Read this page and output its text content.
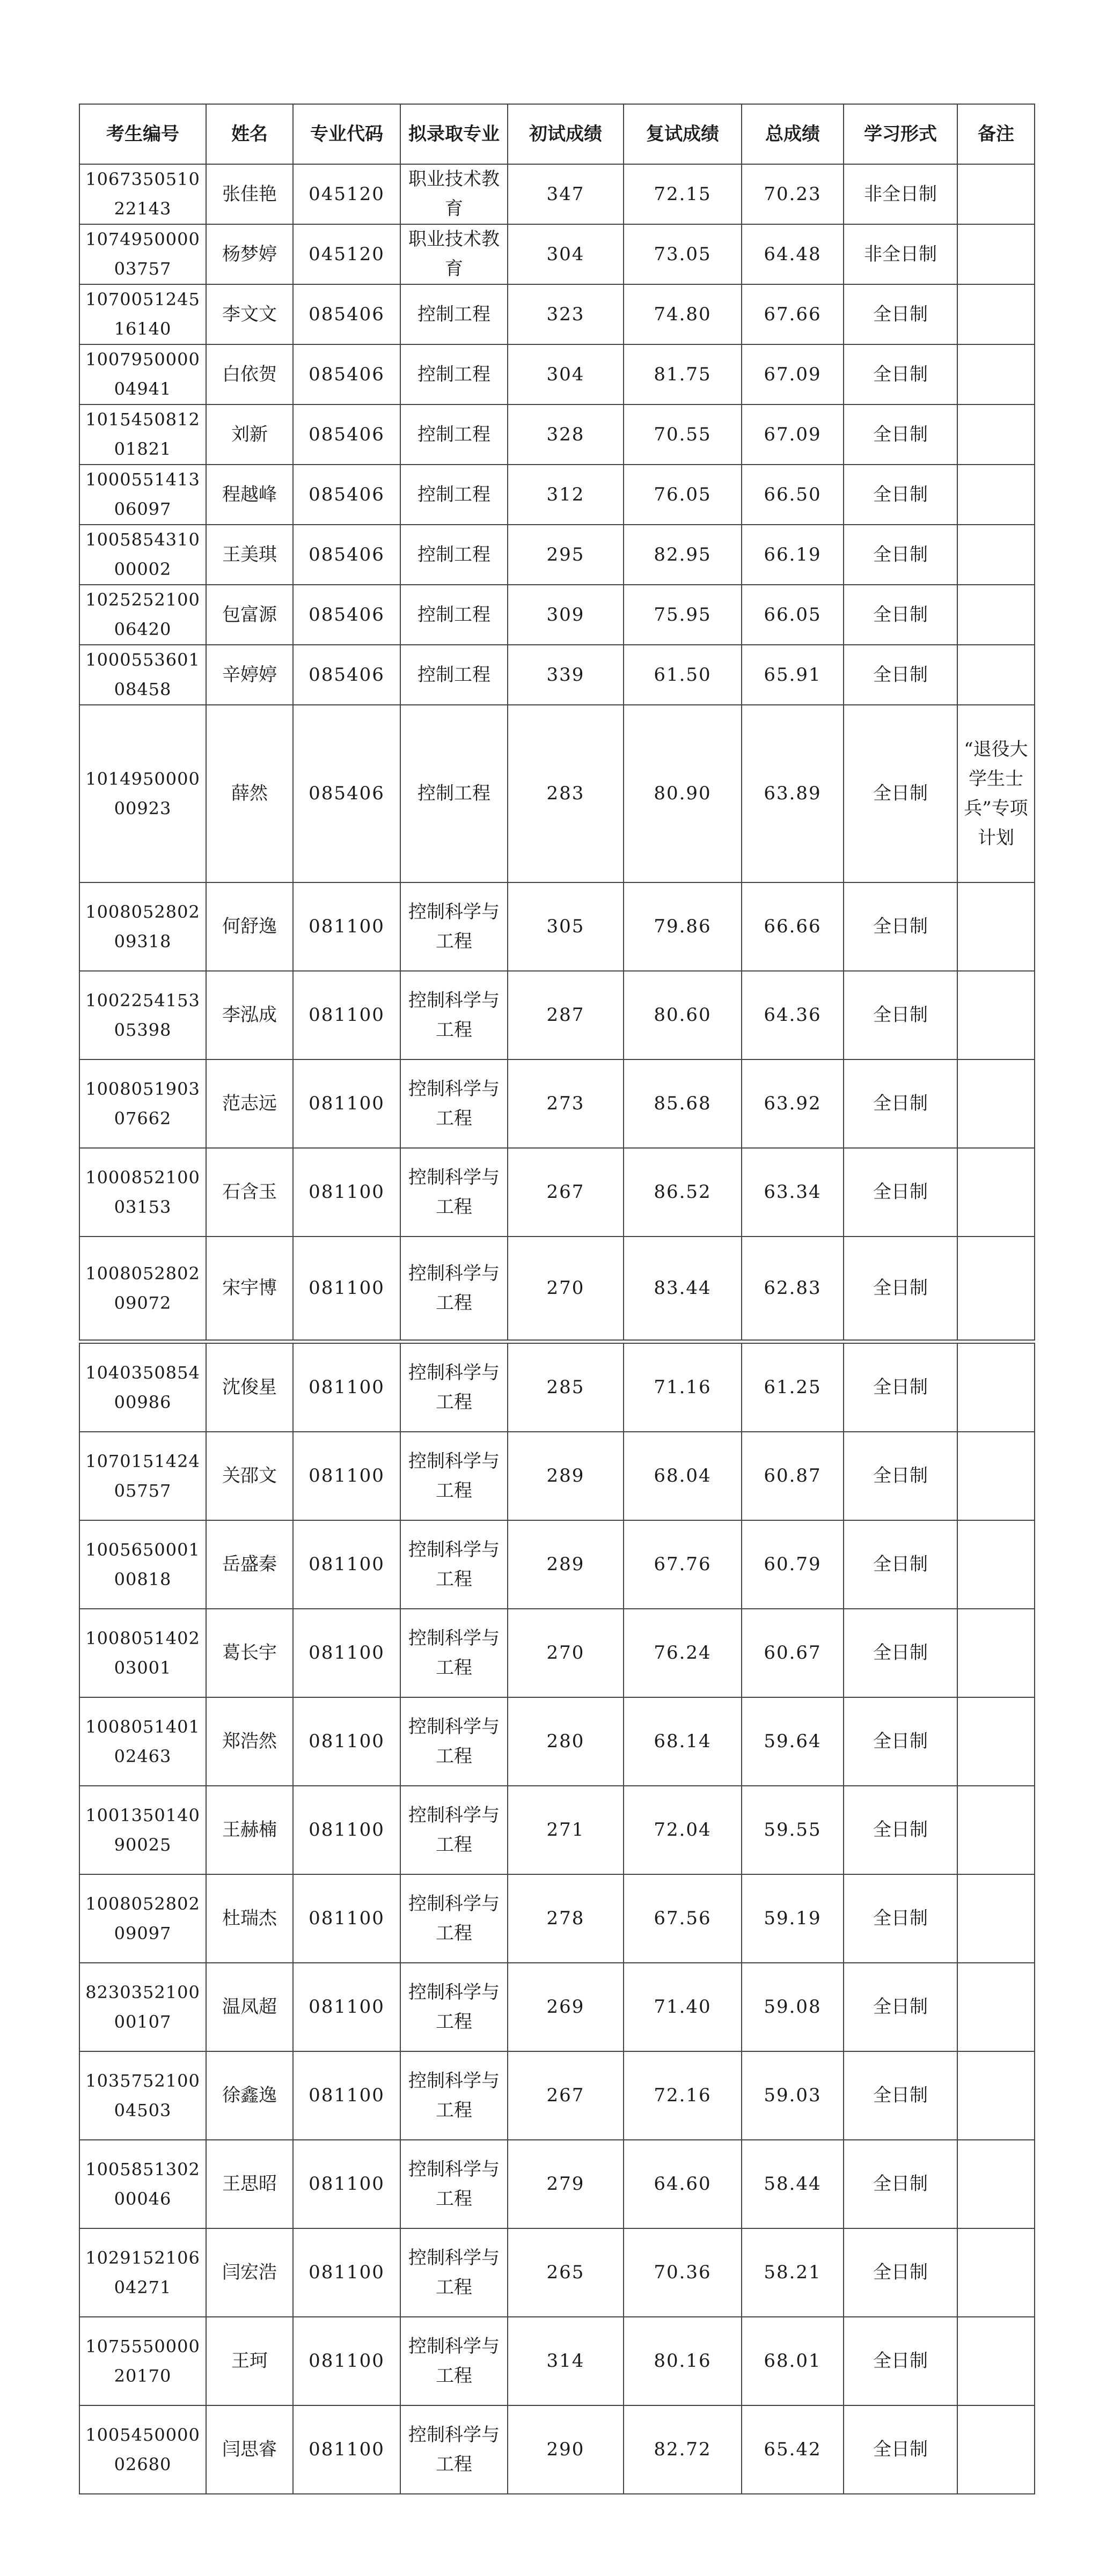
考生编号	姓名	专业代码	拟录取专业	初试成绩	复试成绩	总成绩	学习形式	备注
106735051022143	张佳艳	045120	职业技术教育	347	72.15	70.23	非全日制	
107495000003757	杨梦婷	045120	职业技术教育	304	73.05	64.48	非全日制	
107005124516140	李文文	085406	控制工程	323	74.80	67.66	全日制	
100795000004941	白依贺	085406	控制工程	304	81.75	67.09	全日制	
101545081201821	刘新	085406	控制工程	328	70.55	67.09	全日制	
100055141306097	程越峰	085406	控制工程	312	76.05	66.50	全日制	
100585431000002	王美琪	085406	控制工程	295	82.95	66.19	全日制	
102525210006420	包富源	085406	控制工程	309	75.95	66.05	全日制	
100055360108458	辛婷婷	085406	控制工程	339	61.50	65.91	全日制	
101495000000923	薛然	085406	控制工程	283	80.90	63.89	全日制	“退役大学生士兵”专项计划
100805280209318	何舒逸	081100	控制科学与工程	305	79.86	66.66	全日制	
100225415305398	李泓成	081100	控制科学与工程	287	80.60	64.36	全日制	
100805190307662	范志远	081100	控制科学与工程	273	85.68	63.92	全日制	
100085210003153	石含玉	081100	控制科学与工程	267	86.52	63.34	全日制	
100805280209072	宋宇博	081100	控制科学与工程	270	83.44	62.83	全日制	
104035085400986	沈俊星	081100	控制科学与工程	285	71.16	61.25	全日制	
107015142405757	关邵文	081100	控制科学与工程	289	68.04	60.87	全日制	
100565000100818	岳盛秦	081100	控制科学与工程	289	67.76	60.79	全日制	
100805140203001	葛长宇	081100	控制科学与工程	270	76.24	60.67	全日制	
100805140102463	郑浩然	081100	控制科学与工程	280	68.14	59.64	全日制	
100135014090025	王赫楠	081100	控制科学与工程	271	72.04	59.55	全日制	
100805280209097	杜瑞杰	081100	控制科学与工程	278	67.56	59.19	全日制	
823035210000107	温凤超	081100	控制科学与工程	269	71.40	59.08	全日制	
103575210004503	徐鑫逸	081100	控制科学与工程	267	72.16	59.03	全日制	
100585130200046	王思昭	081100	控制科学与工程	279	64.60	58.44	全日制	
102915210604271	闫宏浩	081100	控制科学与工程	265	70.36	58.21	全日制	
107555000020170	王珂	081100	控制科学与工程	314	80.16	68.01	全日制	
100545000002680	闫思睿	081100	控制科学与工程	290	82.72	65.42	全日制	
